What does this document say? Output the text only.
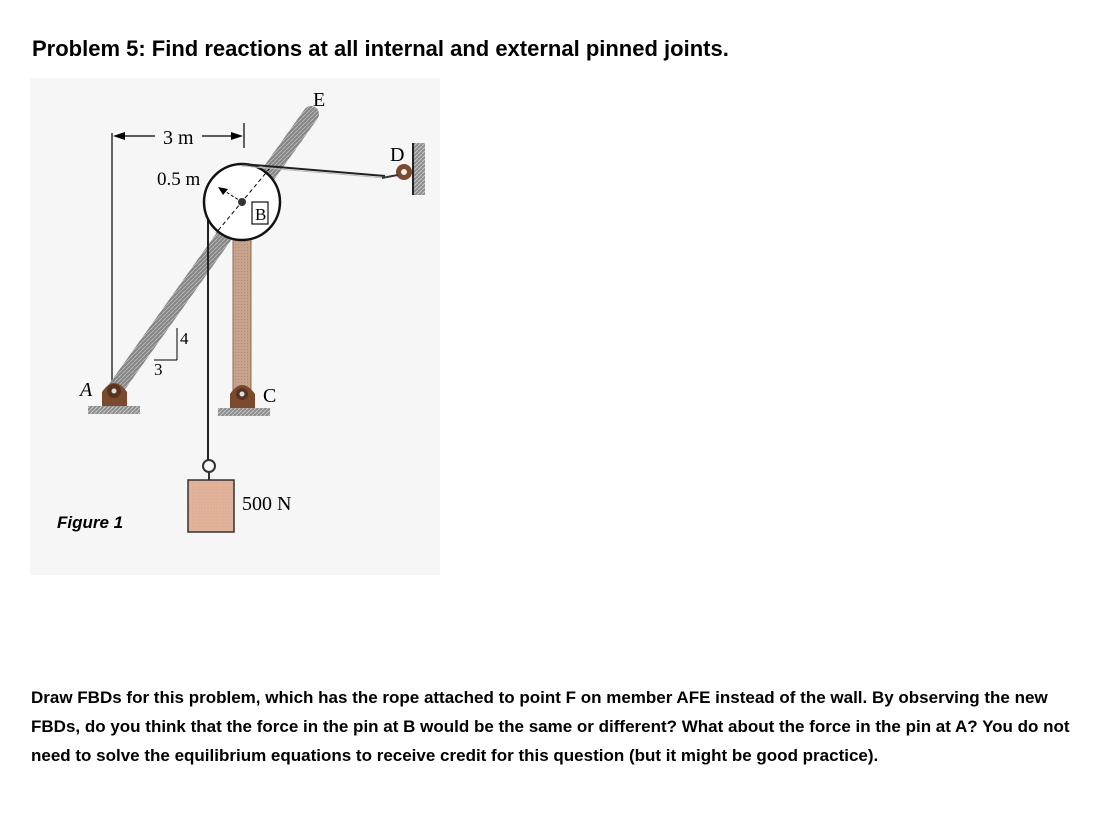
Problem 5: Find reactions at all internal and external pinned joints.
3 m
0.5 m
E
4
3
B
D
A	C
500 N
Figure 1

Draw FBDs for this problem, which has the rope attached to point F on member AFE instead of the wall. By observing the new FBDs, do you think that the force in the pin at B would be the same or different? What about the force in the pin at A? You do not need to solve the equilibrium equations to receive credit for this question (but it might be good practice).
